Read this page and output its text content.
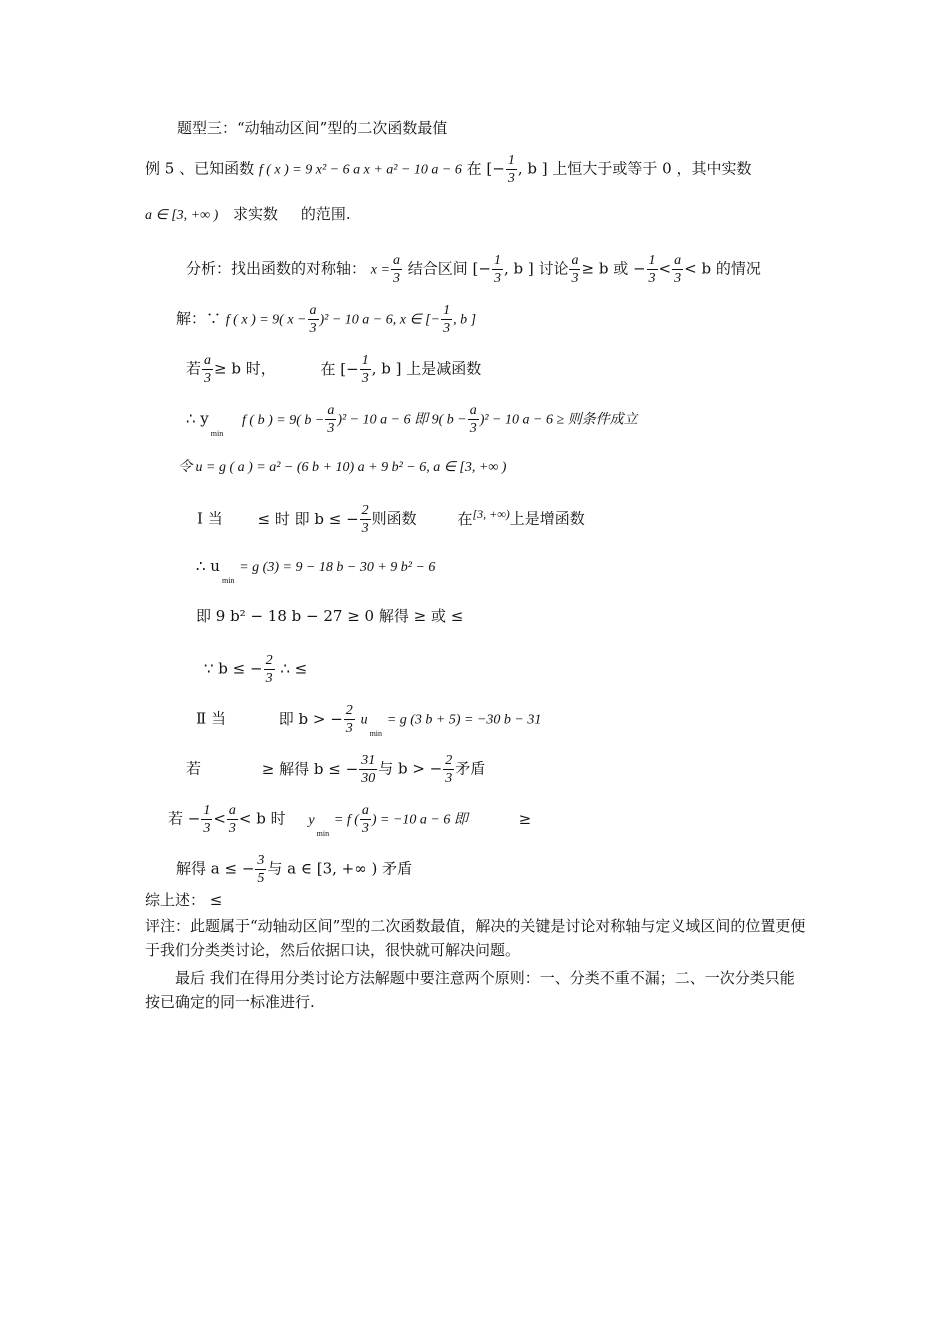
题型三：“动轴动区间”型的二次函数最值
例 5 、已知函数 f ( x ) = 9 x² − 6 a x + a² − 10 a − 6 在 [− $\frac{1}{3}$ , b ] 上恒大于或等于 0 ，其中实数
a ∈ [3, +∞ ) 求实数 的范围.
分析：找出函数的对称轴： $x = \frac{a}{3}$ 结合区间 [− $\frac{1}{3}$ , b ] 讨论 $\frac{a}{3} \ge b$ 或 − $\frac{1}{3} < \frac{a}{3} < b$ 的情况
解：∵ f ( x ) = 9( $x - \frac{a}{3} )^2 - 10$ a − 6, x ∈ [− $\frac{1}{3}$ , b ]
若 $\frac{a}{3} \ge b$ 时，	在 [− $\frac{1}{3}$ , b ] 上是减函数
∴ $y_{min}$ f ( b ) = 9( $b - \frac{a}{3} )^2 - 10$ a − 6 即 9( $b - \frac{a}{3} )^2 - 10$ a − 6 ≥ 则条件成立
令 u = g ( a ) = a² − (6 b + 10) a + 9 b² − 6, a ∈ [3, +∞ )
Ⅰ 当 ≤ 时 即 b ≤ − $\frac{2}{3}$ 则函数	在$^{[3, +\infty)}$上是增函数
∴ $u_{min} = g$ (3) = 9 − 18 b − 30 + 9 b² − 6
即 9 b² − 18 b − 27 ≥ 0 解得 ≥ 或 ≤
∵ b ≤ − $\frac{2}{3}$ ∴ ≤
Ⅱ 当	即 b > − $\frac{2}{3} u_{min} = g$ (3 b + 5) = −30 b − 31
若	≥ 解得 b ≤ − $\frac{31}{30}$ 与 b > − $\frac{2}{3}$ 矛盾
若 − $\frac{1}{3} < \frac{a}{3} < b$ 时 $y_{min} = f$ ( $\frac{a}{3}$ ) = −10 a − 6 即	≥
解得 a ≤ − $\frac{3}{5}$ 与 a ∈ [3, +∞ ) 矛盾
综上述： ≤
评注：此题属于“动轴动区间”型的二次函数最值，解决的关键是讨论对称轴与定义域区间的位置更便于我们分类类讨论，然后依据口诀，很快就可解决问题。
最后 我们在得用分类讨论方法解题中要注意两个原则：一、分类不重不漏；二、一次分类只能按已确定的同一标准进行.
